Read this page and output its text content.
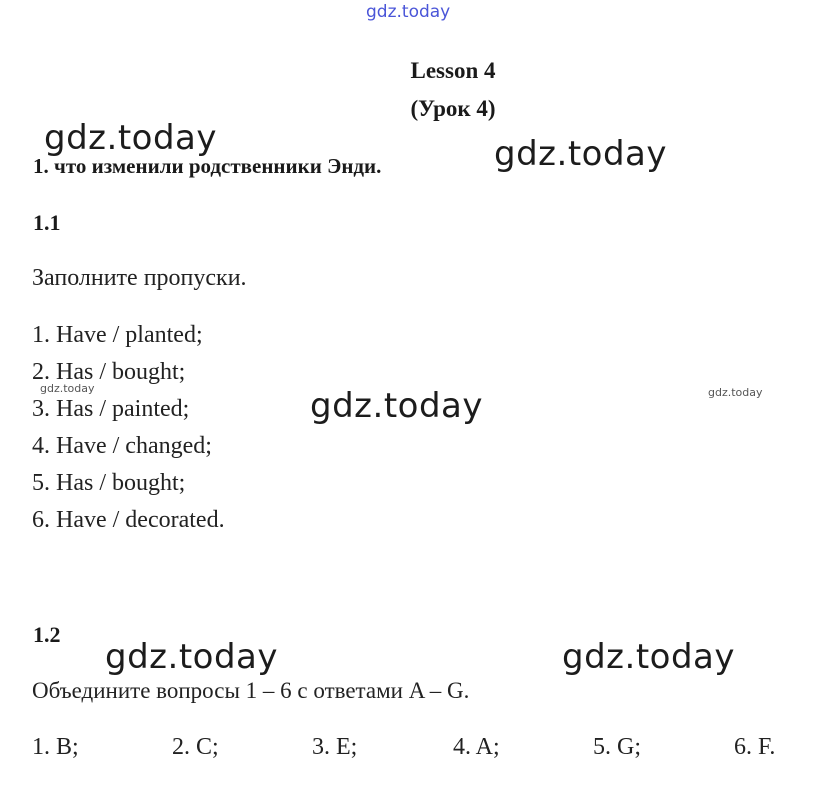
gdz.today
Lesson 4
(Урок 4)
1. что изменили родственники Энди.
1.1
Заполните пропуски.
1. Have / planted;
2. Has / bought;
3. Has / painted;
4. Have / changed;
5. Has / bought;
6. Have / decorated.
1.2
Объедините вопросы 1 – 6 с ответами A – G.
1. B;	2. C;	3. E;	4. A;	5. G;	6. F.
gdz.today	gdz.today
gdz.today
gdz.today	gdz.today
gdz.today	gdz.today
